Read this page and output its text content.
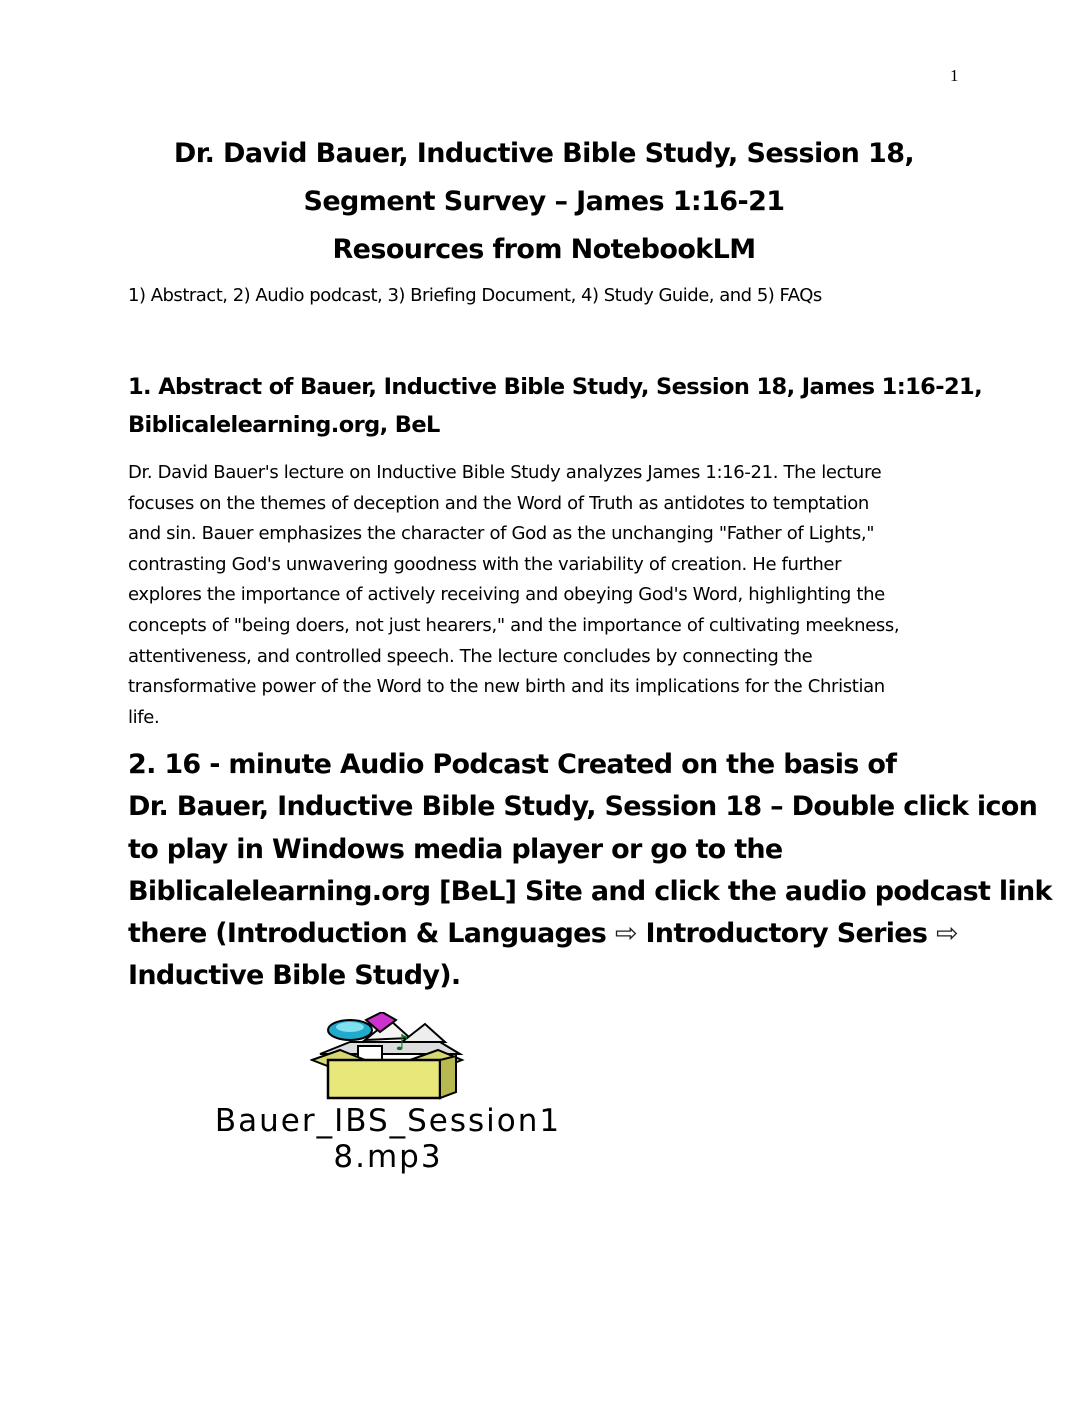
1
Dr. David Bauer, Inductive Bible Study, Session 18,
Segment Survey – James 1:16-21
Resources from NotebookLM
1) Abstract, 2) Audio podcast, 3) Briefing Document, 4) Study Guide, and 5) FAQs
1. Abstract of Bauer, Inductive Bible Study, Session 18, James 1:16-21,
Biblicalelearning.org, BeL
Dr. David Bauer's lecture on Inductive Bible Study analyzes James 1:16-21. The lecture
focuses on the themes of deception and the Word of Truth as antidotes to temptation
and sin. Bauer emphasizes the character of God as the unchanging "Father of Lights,"
contrasting God's unwavering goodness with the variability of creation. He further
explores the importance of actively receiving and obeying God's Word, highlighting the
concepts of "being doers, not just hearers," and the importance of cultivating meekness,
attentiveness, and controlled speech. The lecture concludes by connecting the
transformative power of the Word to the new birth and its implications for the Christian
life.
2. 16 - minute Audio Podcast Created on the basis of
Dr. Bauer, Inductive Bible Study, Session 18 – Double click icon
to play in Windows media player or go to the
Biblicalelearning.org [BeL] Site and click the audio podcast link
there (Introduction & Languages ⇨ Introductory Series ⇨
Inductive Bible Study).
♪
Bauer_IBS_Session1
8.mp3
